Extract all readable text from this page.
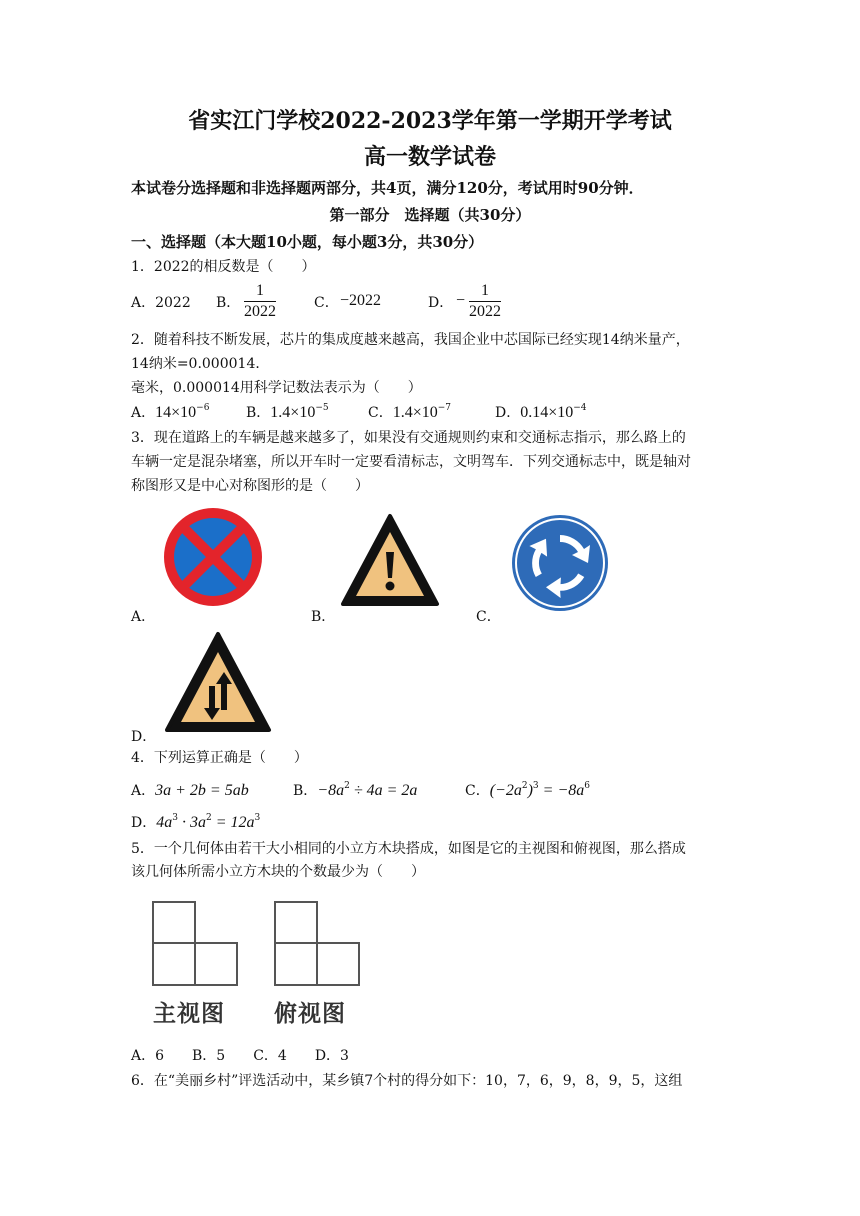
省实江门学校2022-2023学年第一学期开学考试
高一数学试卷
本试卷分选择题和非选择题两部分，共4页，满分120分，考试用时90分钟．
第一部分　选择题（共30分）
一、选择题（本大题10小题，每小题3分，共30分）
1．2022的相反数是（　　）
A．2022 B．
1
2022	C． −2022	D． −
1
2022
2．随着科技不断发展，芯片的集成度越来越高，我国企业中芯国际已经实现14纳米量产，
14纳米=0.000014．
毫米，0.000014用科学记数法表示为（　　）
A．$14\times 10^{-6}$	B．$1.4\times 10^{-5}$	C．$1.4\times 10^{-7}$	D．$0.14\times 10^{-4}$
3．现在道路上的车辆是越来越多了，如果没有交通规则约束和交通标志指示，那么路上的
车辆一定是混杂堵塞，所以开车时一定要看清标志，文明驾车．下列交通标志中，既是轴对
称图形又是中心对称图形的是（　　）
A．	B．	C．
D．
4．下列运算正确是（　　）
A．3a + 2b = 5ab	B．$-8a^2 \div 4a = 2a$	C．$(-2a^2)^3 = -8a^6$
D．$4a^3 \cdot 3a^2 = 12a^3$
5．一个几何体由若干大小相同的小立方木块搭成，如图是它的主视图和俯视图，那么搭成
该几何体所需小立方木块的个数最少为（　　）
主视图 俯视图
A．6　　B．5　　C．4　　D．3
6．在“美丽乡村”评选活动中，某乡镇7个村的得分如下：10，7，6，9，8，9，5，这组
